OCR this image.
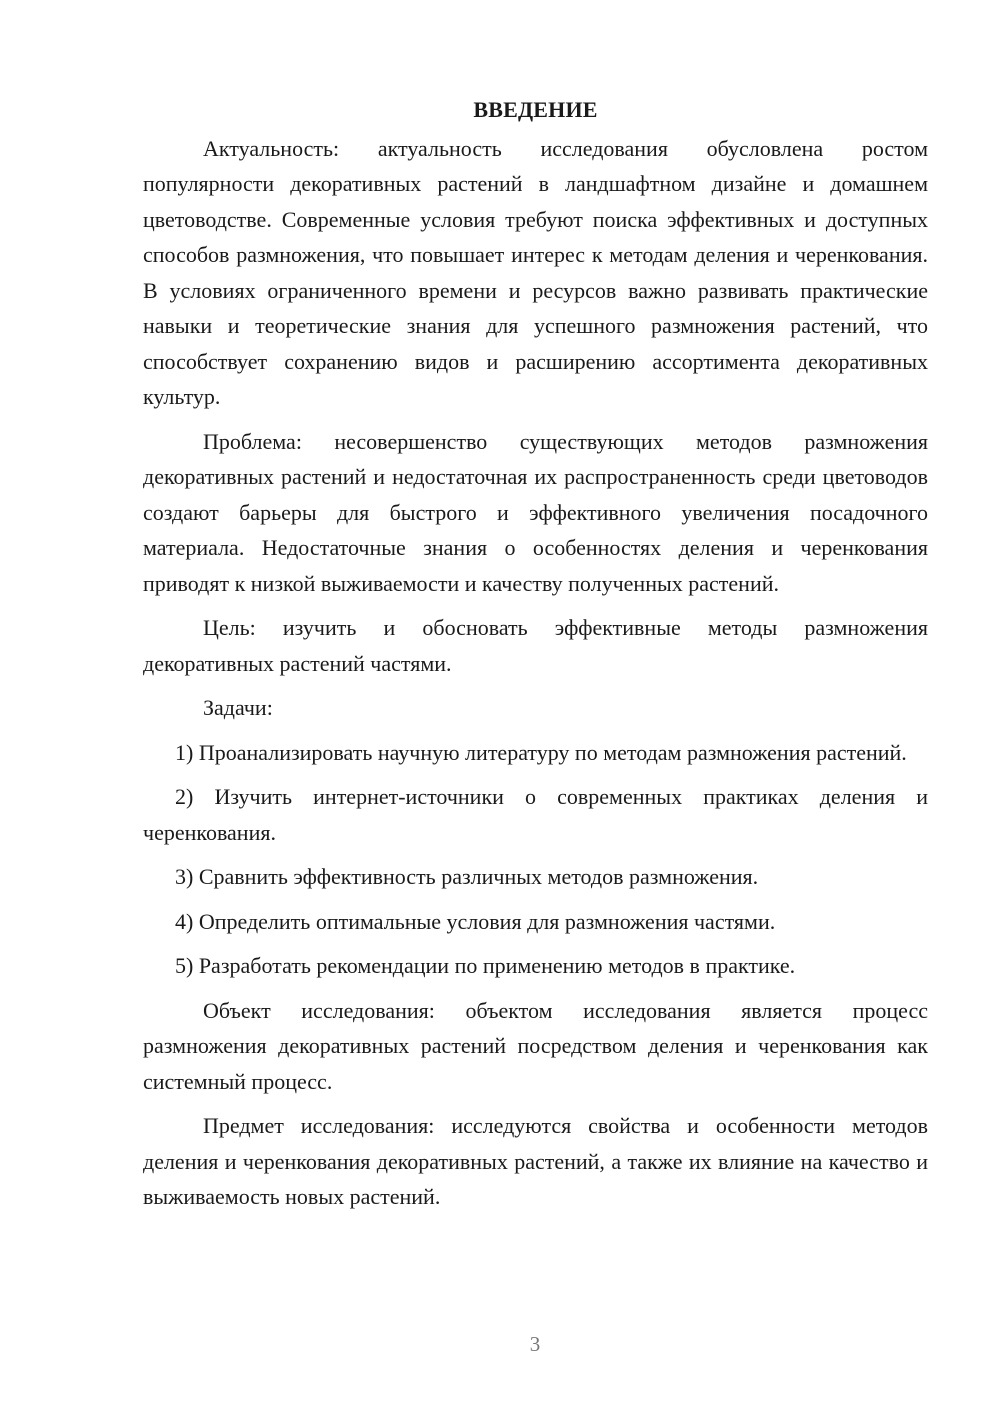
ВВЕДЕНИЕ

Актуальность: актуальность исследования обусловлена ростом популярности декоративных растений в ландшафтном дизайне и домашнем цветоводстве. Современные условия требуют поиска эффективных и доступных способов размножения, что повышает интерес к методам деления и черенкования. В условиях ограниченного времени и ресурсов важно развивать практические навыки и теоретические знания для успешного размножения растений, что способствует сохранению видов и расширению ассортимента декоративных культур.

Проблема: несовершенство существующих методов размножения декоративных растений и недостаточная их распространенность среди цветоводов создают барьеры для быстрого и эффективного увеличения посадочного материала. Недостаточные знания о особенностях деления и черенкования приводят к низкой выживаемости и качеству полученных растений.

Цель: изучить и обосновать эффективные методы размножения декоративных растений частями.

Задачи:

1) Проанализировать научную литературу по методам размножения растений.

2) Изучить интернет-источники о современных практиках деления и черенкования.

3) Сравнить эффективность различных методов размножения.

4) Определить оптимальные условия для размножения частями.

5) Разработать рекомендации по применению методов в практике.

Объект исследования: объектом исследования является процесс размножения декоративных растений посредством деления и черенкования как системный процесс.

Предмет исследования: исследуются свойства и особенности методов деления и черенкования декоративных растений, а также их влияние на качество и выживаемость новых растений.

3
